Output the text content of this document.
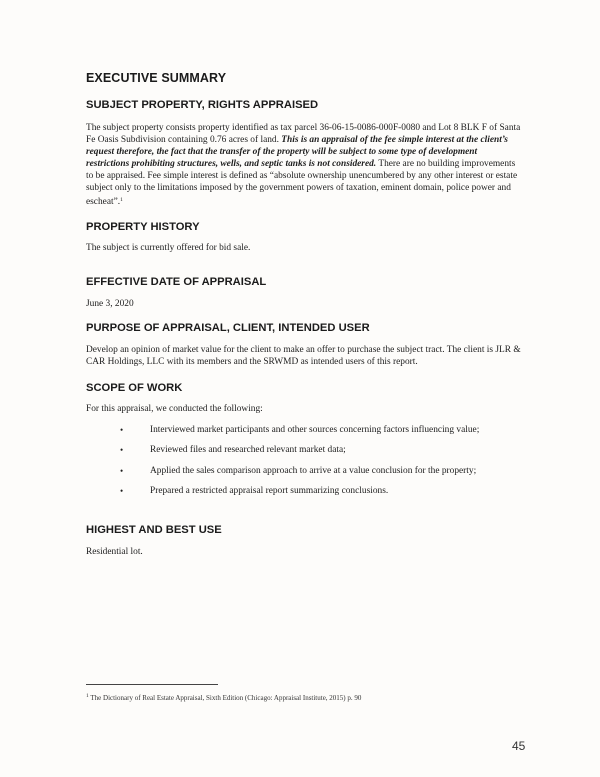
EXECUTIVE SUMMARY
SUBJECT PROPERTY, RIGHTS APPRAISED

The subject property consists property identified as tax parcel 36-06-15-0086-000F-0080 and Lot 8 BLK F of Santa Fe Oasis Subdivision containing 0.76 acres of land. This is an appraisal of the fee simple interest at the client’s request therefore, the fact that the transfer of the property will be subject to some type of development restrictions prohibiting structures, wells, and septic tanks is not considered. There are no building improvements to be appraised. Fee simple interest is defined as “absolute ownership unencumbered by any other interest or estate subject only to the limitations imposed by the government powers of taxation, eminent domain, police power and escheat”.$^1$

PROPERTY HISTORY

The subject is currently offered for bid sale.

EFFECTIVE DATE OF APPRAISAL

June 3, 2020

PURPOSE OF APPRAISAL, CLIENT, INTENDED USER

Develop an opinion of market value for the client to make an offer to purchase the subject tract. The client is JLR & CAR Holdings, LLC with its members and the SRWMD as intended users of this report.

SCOPE OF WORK

For this appraisal, we conducted the following:

•	Interviewed market participants and other sources concerning factors influencing value;
•	Reviewed files and researched relevant market data;
•	Applied the sales comparison approach to arrive at a value conclusion for the property;
•	Prepared a restricted appraisal report summarizing conclusions.
HIGHEST AND BEST USE

Residential lot.

$^1$ The Dictionary of Real Estate Appraisal, Sixth Edition (Chicago: Appraisal Institute, 2015) p. 90
45
